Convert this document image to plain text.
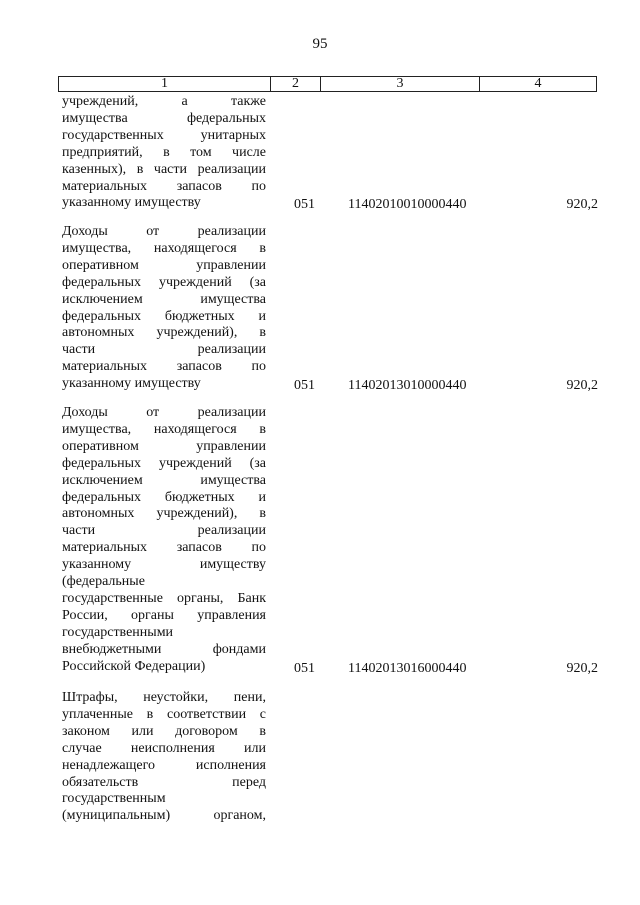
95
1	2	3	4
учреждений, а также
имущества федеральных
государственных унитарных
предприятий, в том числе
казенных), в части реализации
материальных запасов по
указанному имуществу	051 11402010010000440	920,2
Доходы от реализации
имущества, находящегося в
оперативном управлении
федеральных учреждений (за
исключением имущества
федеральных бюджетных и
автономных учреждений), в
части реализации
материальных запасов по
указанному имуществу	051 11402013010000440	920,2
Доходы от реализации
имущества, находящегося в
оперативном управлении
федеральных учреждений (за
исключением имущества
федеральных бюджетных и
автономных учреждений), в
части реализации
материальных запасов по
указанному имуществу
(федеральные
государственные органы, Банк
России, органы управления
государственными
внебюджетными фондами
Российской Федерации)	051 11402013016000440	920,2
Штрафы, неустойки, пени,
уплаченные в соответствии с
законом или договором в
случае неисполнения или
ненадлежащего исполнения
обязательств перед
государственным
(муниципальным) органом,
